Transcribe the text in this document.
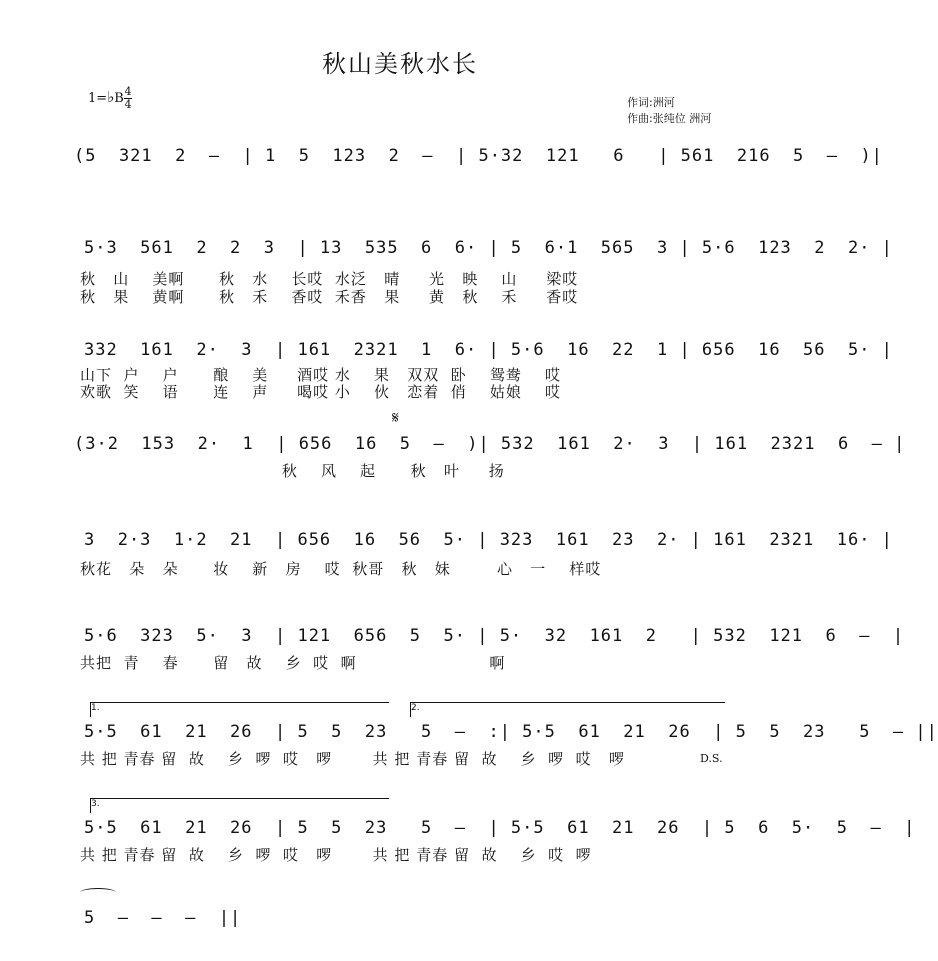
秋山美秋水长
1=♭B 4
4	作词:洲河
作曲:张纯位 洲河
(5  321  2  –  | 1  5  123  2  –  | 5·32  121   6   | 561  216  5  –  )|
5·3  561  2  2  3  | 13  535  6  6· | 5  6·1  565  3 | 5·6  123  2  2· |
秋   山    美啊      秋   水    长哎  水泛   晴     光   映    山     梁哎
秋   果    黄啊      秋   禾    香哎  禾香   果     黄   秋    禾     香哎
332  161  2·  3  | 161  2321  1  6· | 5·6  16  22  1 | 656  16  56  5· |
山下  户    户      酿    美     酒哎 水    果   双双  卧    鸳鸯    哎
欢歌  笑    语      连    声     喝哎 小    伙   恋着  俏    姑娘    哎
𝄋
(3·2  153  2·  1  | 656  16  5  –  )| 532  161  2·  3  | 161  2321  6  – |
秋    风    起      秋   叶     扬
3  2·3  1·2  21  | 656  16  56  5· | 323  161  23  2· | 161  2321  16· |
秋花   朵   朵      妆    新   房    哎  秋哥   秋   妹        心   一    样哎
5·6  323  5·  3  | 121  656  5  5· | 5·  32  161  2   | 532  121  6  –  |
共把  青    春      留   故    乡  哎  啊                       啊
1.	2.
5·5  61  21  26  | 5  5  23   5  –  :| 5·5  61  21  26  | 5  5  23   5  – ||
共 把 青春 留  故    乡  啰  哎   啰       共 把 青春 留  故    乡  啰  哎   啰	D.S.
3.
5·5  61  21  26  | 5  5  23   5  –  | 5·5  61  21  26  | 5  6  5·  5  –  |
共 把 青春 留  故    乡  啰  哎   啰       共 把 青春 留  故    乡  哎  啰
5  –  –  –  ||
